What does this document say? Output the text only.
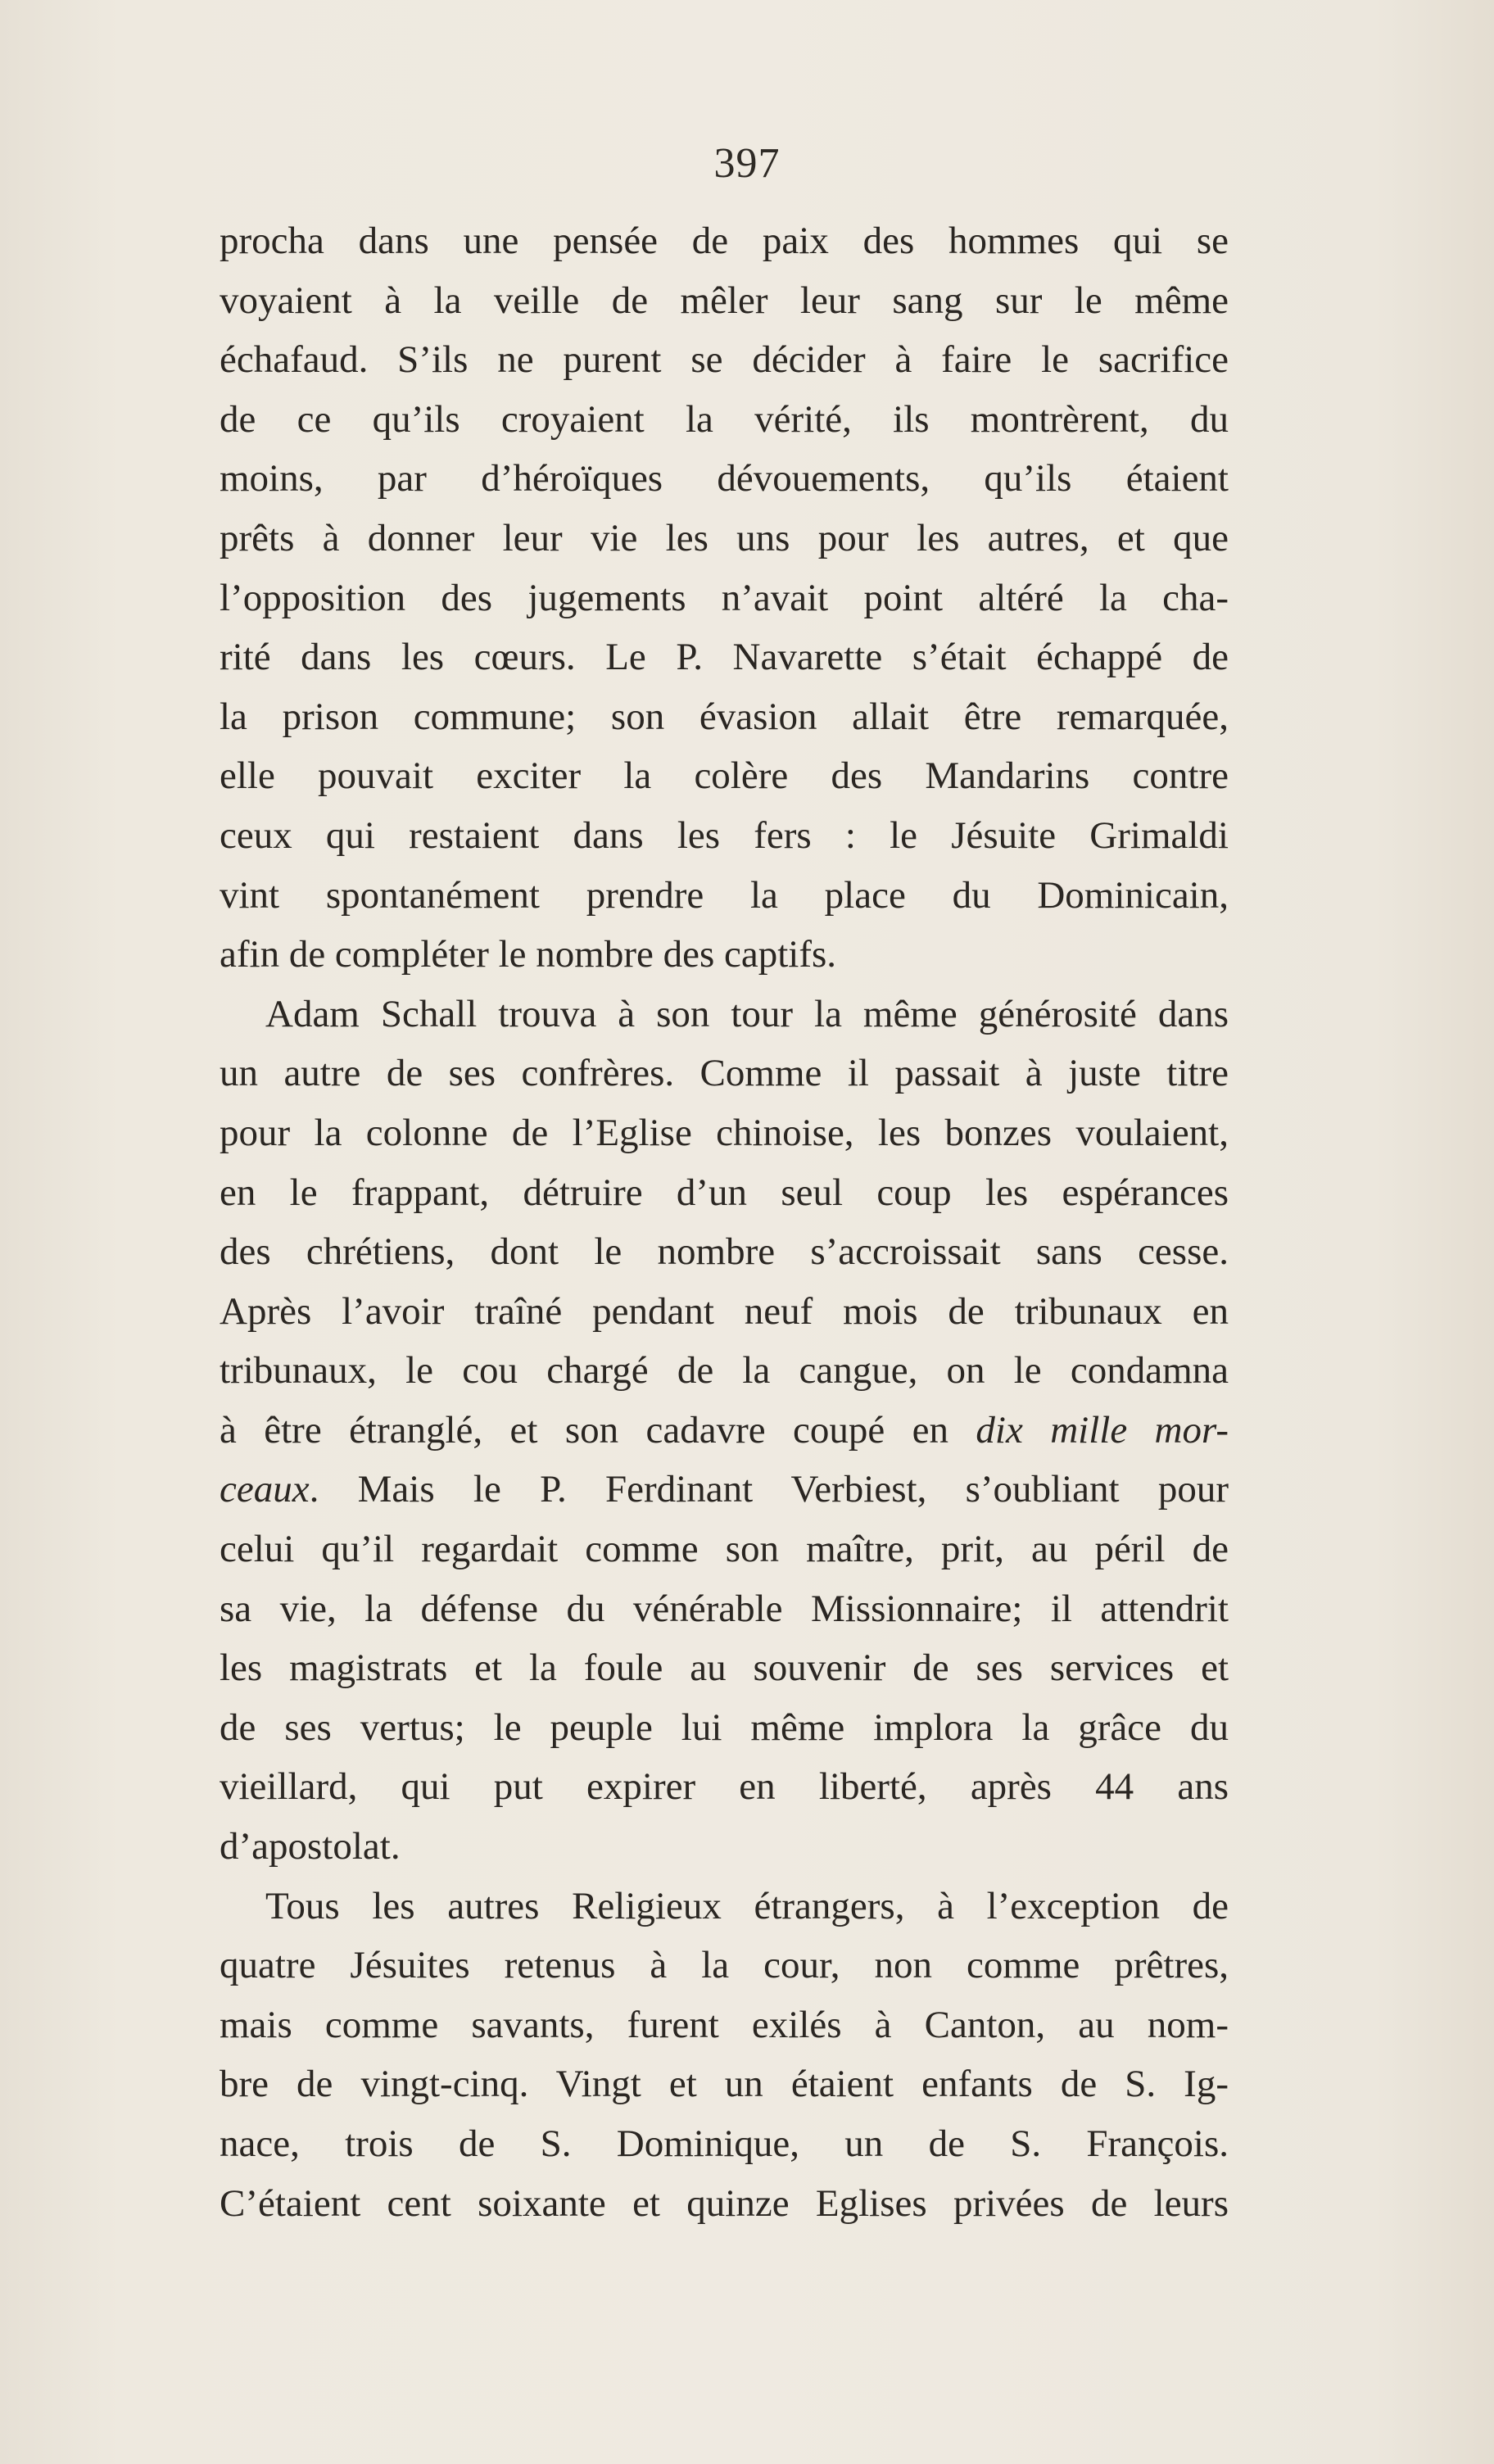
397
procha dans une pensée de paix des hommes qui se
voyaient à la veille de mêler leur sang sur le même
échafaud. S’ils ne purent se décider à faire le sacrifice
de ce qu’ils croyaient la vérité, ils montrèrent, du
moins, par d’héroïques dévouements, qu’ils étaient
prêts à donner leur vie les uns pour les autres, et que
l’opposition des jugements n’avait point altéré la cha-
rité dans les cœurs. Le P. Navarette s’était échappé de
la prison commune; son évasion allait être remarquée,
elle pouvait exciter la colère des Mandarins contre
ceux qui restaient dans les fers : le Jésuite Grimaldi
vint spontanément prendre la place du Dominicain,
afin de compléter le nombre des captifs.
Adam Schall trouva à son tour la même générosité dans
un autre de ses confrères. Comme il passait à juste titre
pour la colonne de l’Eglise chinoise, les bonzes voulaient,
en le frappant, détruire d’un seul coup les espérances
des chrétiens, dont le nombre s’accroissait sans cesse.
Après l’avoir traîné pendant neuf mois de tribunaux en
tribunaux, le cou chargé de la cangue, on le condamna
à être étranglé, et son cadavre coupé en dix mille mor-
ceaux. Mais le P. Ferdinant Verbiest, s’oubliant pour
celui qu’il regardait comme son maître, prit, au péril de
sa vie, la défense du vénérable Missionnaire; il attendrit
les magistrats et la foule au souvenir de ses services et
de ses vertus; le peuple lui même implora la grâce du
vieillard, qui put expirer en liberté, après 44 ans
d’apostolat.
Tous les autres Religieux étrangers, à l’exception de
quatre Jésuites retenus à la cour, non comme prêtres,
mais comme savants, furent exilés à Canton, au nom-
bre de vingt-cinq. Vingt et un étaient enfants de S. Ig-
nace, trois de S. Dominique, un de S. François.
C’étaient cent soixante et quinze Eglises privées de leurs
